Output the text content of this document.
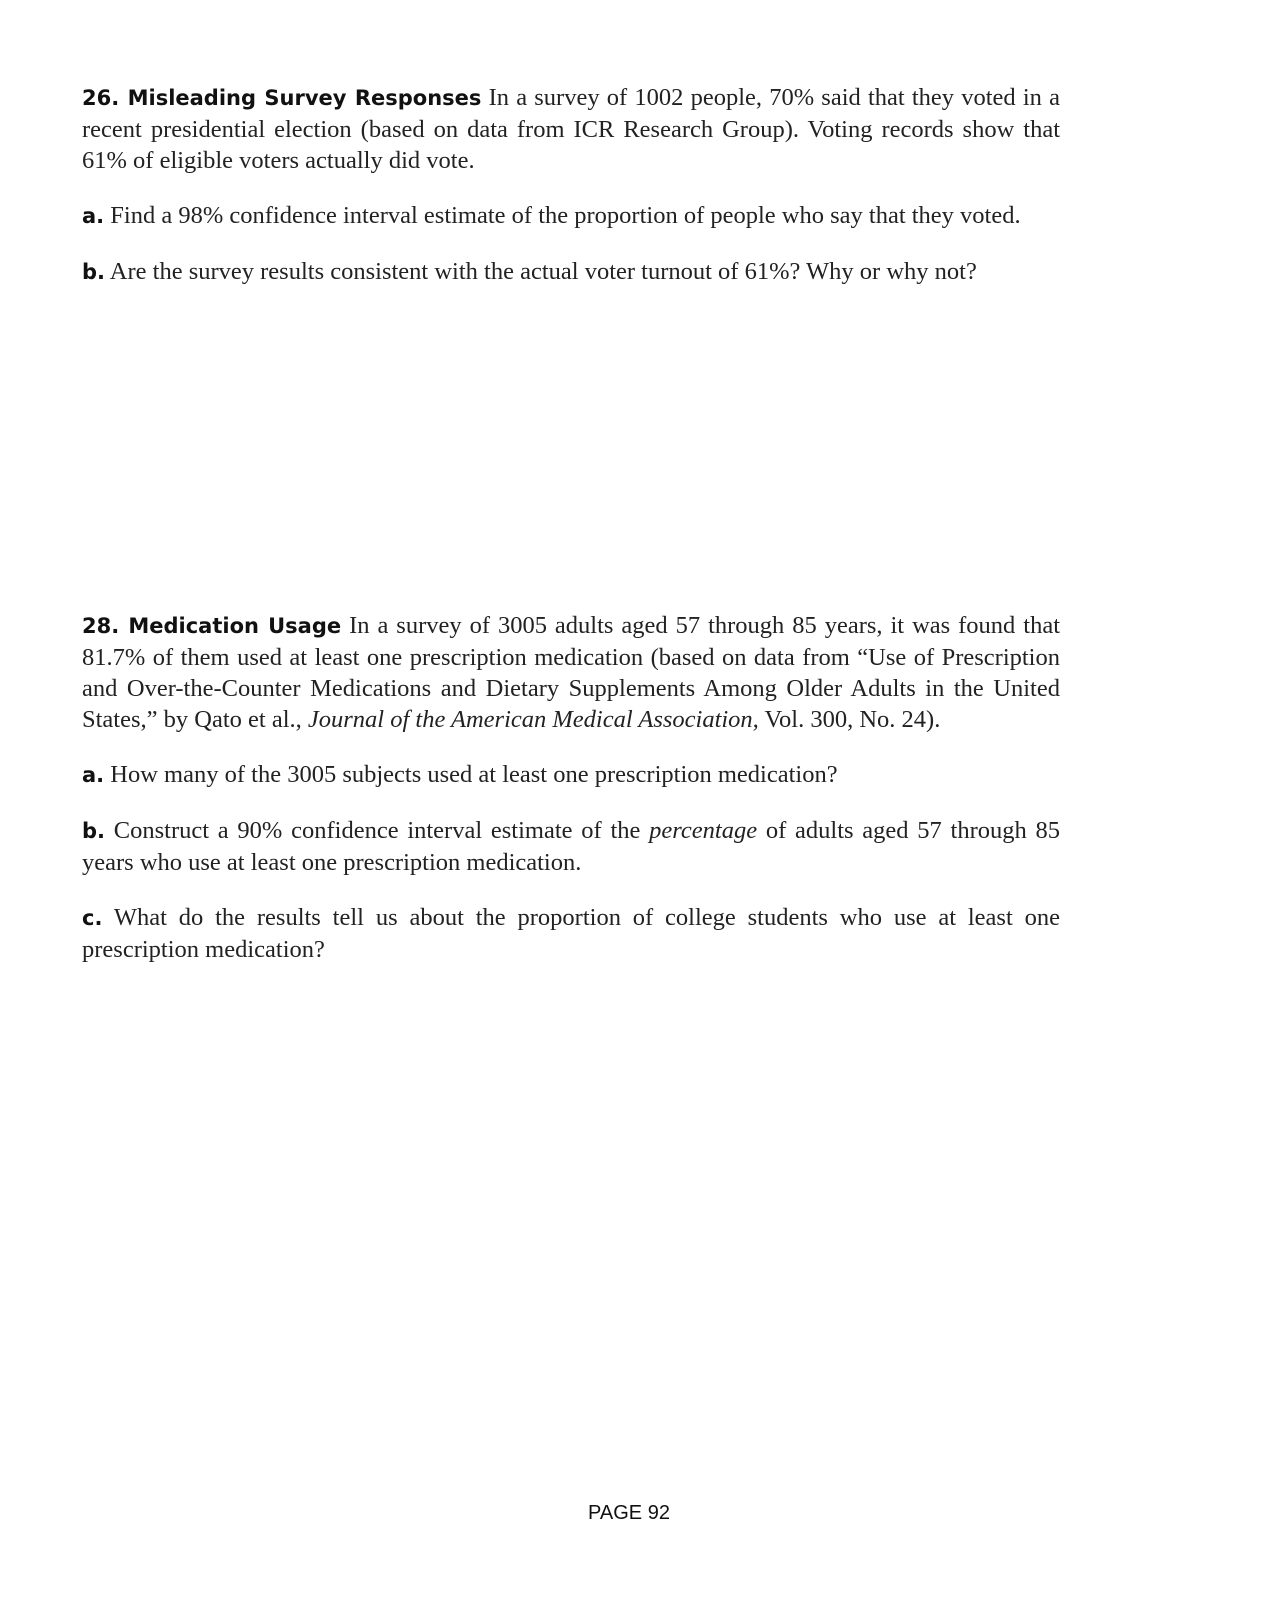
26. Misleading Survey Responses In a survey of 1002 people, 70% said that they voted in a recent presidential election (based on data from ICR Research Group). Voting records show that 61% of eligible voters actually did vote.

a. Find a 98% confidence interval estimate of the proportion of people who say that they voted.

b. Are the survey results consistent with the actual voter turnout of 61%? Why or why not?

28. Medication Usage In a survey of 3005 adults aged 57 through 85 years, it was found that 81.7% of them used at least one prescription medication (based on data from “Use of Prescription and Over-the-Counter Medications and Dietary Supplements Among Older Adults in the United States,” by Qato et al., Journal of the American Medical Association, Vol. 300, No. 24).

a. How many of the 3005 subjects used at least one prescription medication?

b. Construct a 90% confidence interval estimate of the percentage of adults aged 57 through 85 years who use at least one prescription medication.

c. What do the results tell us about the proportion of college students who use at least one prescription medication?

PAGE 92
